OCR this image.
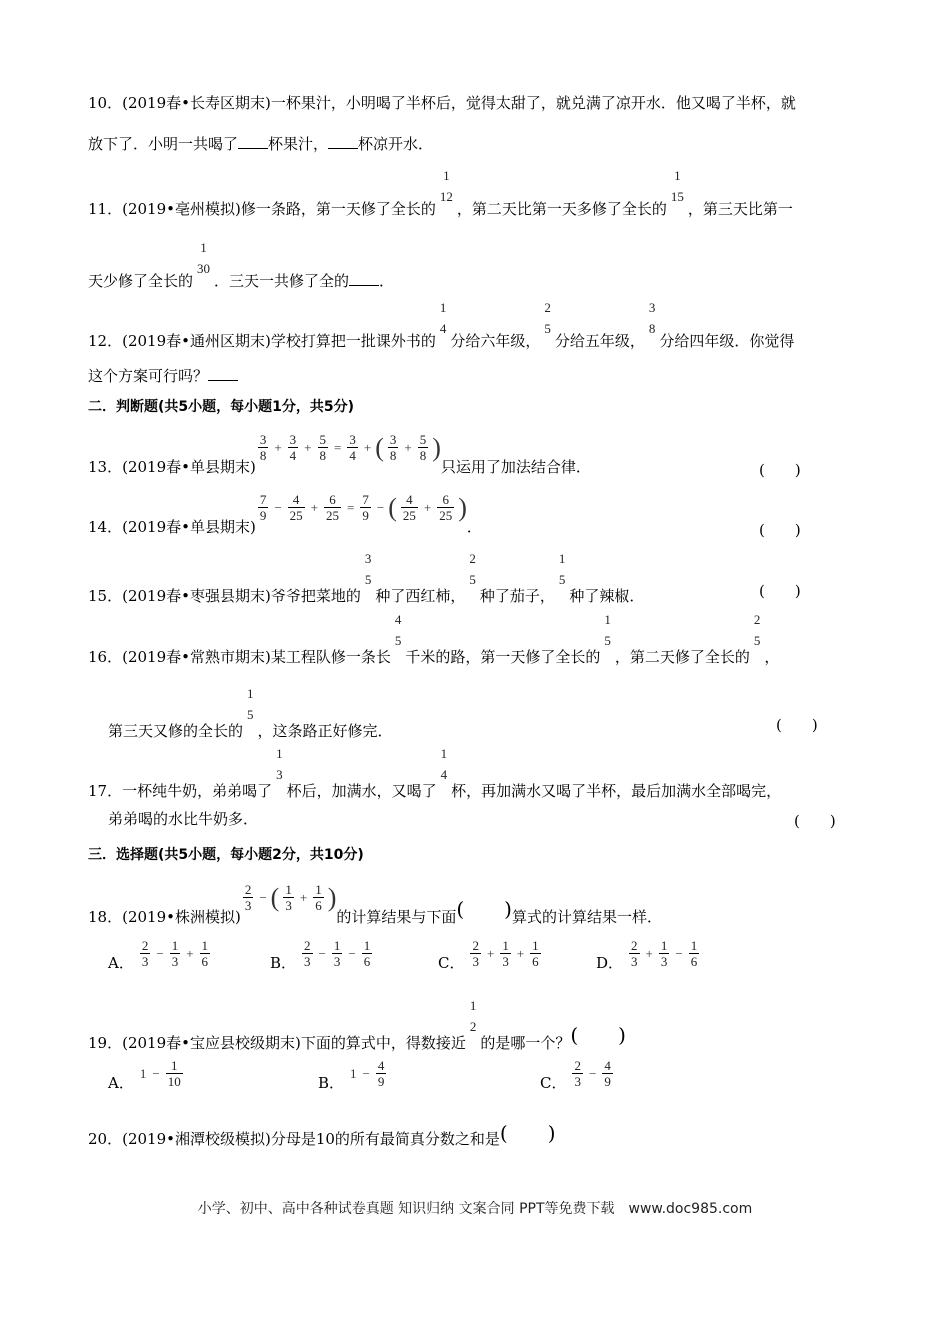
10．(2019春•长寿区期末)一杯果汁，小明喝了半杯后，觉得太甜了，就兑满了凉开水．他又喝了半杯，就
放下了．小明一共喝了 杯果汁， 杯凉开水．
11．(2019•亳州模拟)修一条路，第一天修了全长的
1
12
，第二天比第一天多修了全长的
1
15
，第三天比第一
天少修了全长的
1
30
．三天一共修了全的 ．
12．(2019春•通州区期末)学校打算把一批课外书的
1
4
分给六年级，
2
5
分给五年级，
3
8
分给四年级．你觉得
这个方案可行吗？
二．判断题(共5小题，每小题1分，共5分)
13．(2019春•单县期末)
$\frac{3}{8} + \frac{3}{4} + \frac{5}{8} = \frac{3}{4}$ + ( $\frac{3}{8} + \frac{5}{8}$ )
只运用了加法结合律．	(　　)
14．(2019春•单县期末)
$\frac{7}{9} - \frac{4}{25} + \frac{6}{25} = \frac{7}{9}$ − ( $\frac{4}{25} + \frac{6}{25}$ )
．	(　　)
15．(2019春•枣强县期末)爷爷把菜地的
3
5
种了西红柿，
2
5
种了茄子，
1
5
种了辣椒．	(　　)
16．(2019春•常熟市期末)某工程队修一条长
4
5
千米的路，第一天修了全长的
1
5
，第二天修了全长的
2
5
，
第三天又修的全长的
1
5
，这条路正好修完．	(　　)
17．一杯纯牛奶，弟弟喝了
1
3
杯后，加满水，又喝了
1
4
杯，再加满水又喝了半杯，最后加满水全部喝完，
弟弟喝的水比牛奶多．	(　　)
三．选择题(共5小题，每小题2分，共10分)
18．(2019•株洲模拟)
$\frac{2}{3}$ − ( $\frac{1}{3} + \frac{1}{6}$ )
的计算结果与下面(　　)算式的计算结果一样．
A． $\frac{2}{3} - \frac{1}{3} + \frac{1}{6}$	B． $\frac{2}{3} - \frac{1}{3} - \frac{1}{6}$	C． $\frac{2}{3} + \frac{1}{3} + \frac{1}{6}$	D． $\frac{2}{3} + \frac{1}{3} - \frac{1}{6}$
19．(2019春•宝应县校级期末)下面的算式中，得数接近
1
2
的是哪一个？(　　)
A．
$1 - \frac{1}{10}$	B．
$1 - \frac{4}{9}$	C． $\frac{2}{3} - \frac{4}{9}$
20．(2019•湘潭校级模拟)分母是10的所有最简真分数之和是(　　)
小学、初中、高中各种试卷真题 知识归纳 文案合同 PPT等免费下载　www.doc985.com
